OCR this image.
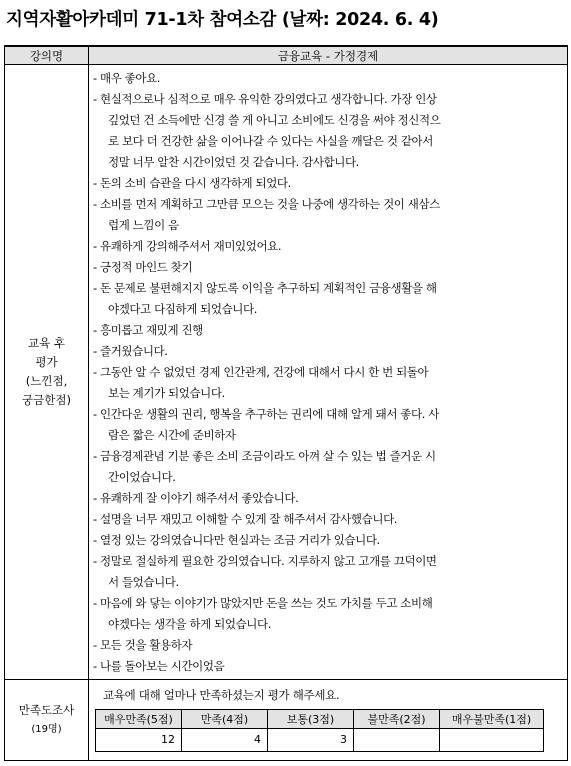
지역자활아카데미 71-1차 참여소감 (날짜: 2024. 6. 4)
강의명	금융교육 - 가정경제

교육 후
평가
(느낀점,
궁금한점)

- 매우 좋아요.
- 현실적으로나 심적으로 매우 유익한 강의였다고 생각합니다. 가장 인상
깊었던 건 소득에만 신경 쓸 게 아니고 소비에도 신경을 써야 정신적으
로 보다 더 건강한 삶을 이어나갈 수 있다는 사실을 깨달은 것 같아서
정말 너무 알찬 시간이었던 것 같습니다. 감사합니다.
- 돈의 소비 습관을 다시 생각하게 되었다.
- 소비를 먼저 계획하고 그만큼 모으는 것을 나중에 생각하는 것이 새삼스
럽게 느낌이 음
- 유쾌하게 강의해주셔서 재미있었어요.
- 긍정적 마인드 찾기
- 돈 문제로 불편해지지 않도록 이익을 추구하되 계획적인 금융생활을 해
야겠다고 다짐하게 되었습니다.
- 흥미롭고 재밌게 진행
- 즐거웠습니다.
- 그동안 알 수 없었던 경제 인간관계, 건강에 대해서 다시 한 번 되돌아
보는 계기가 되었습니다.
- 인간다운 생활의 권리, 행복을 추구하는 권리에 대해 알게 돼서 좋다. 사
람은 짧은 시간에 준비하자
- 금융경제관념 기분 좋은 소비 조금이라도 아껴 살 수 있는 법 즐거운 시
간이었습니다.
- 유쾌하게 잘 이야기 해주셔서 좋았습니다.
- 설명을 너무 재밌고 이해할 수 있게 잘 해주셔서 감사했습니다.
- 열정 있는 강의였습니다만 현실과는 조금 거리가 있습니다.
- 정말로 절실하게 필요한 강의였습니다. 지루하지 않고 고개를 끄덕이면
서 들었습니다.
- 마음에 와 닿는 이야기가 많았지만 돈을 쓰는 것도 가치를 두고 소비해
야겠다는 생각을 하게 되었습니다.
- 모든 것을 활용하자
- 나를 돌아보는 시간이었음

만족도조사
(19명)

교육에 대해 얼마나 만족하셨는지 평가 해주세요.
매우만족(5점)	만족(4점)	보통(3점)	불만족(2점)	매우불만족(1점)
12	4	3		
